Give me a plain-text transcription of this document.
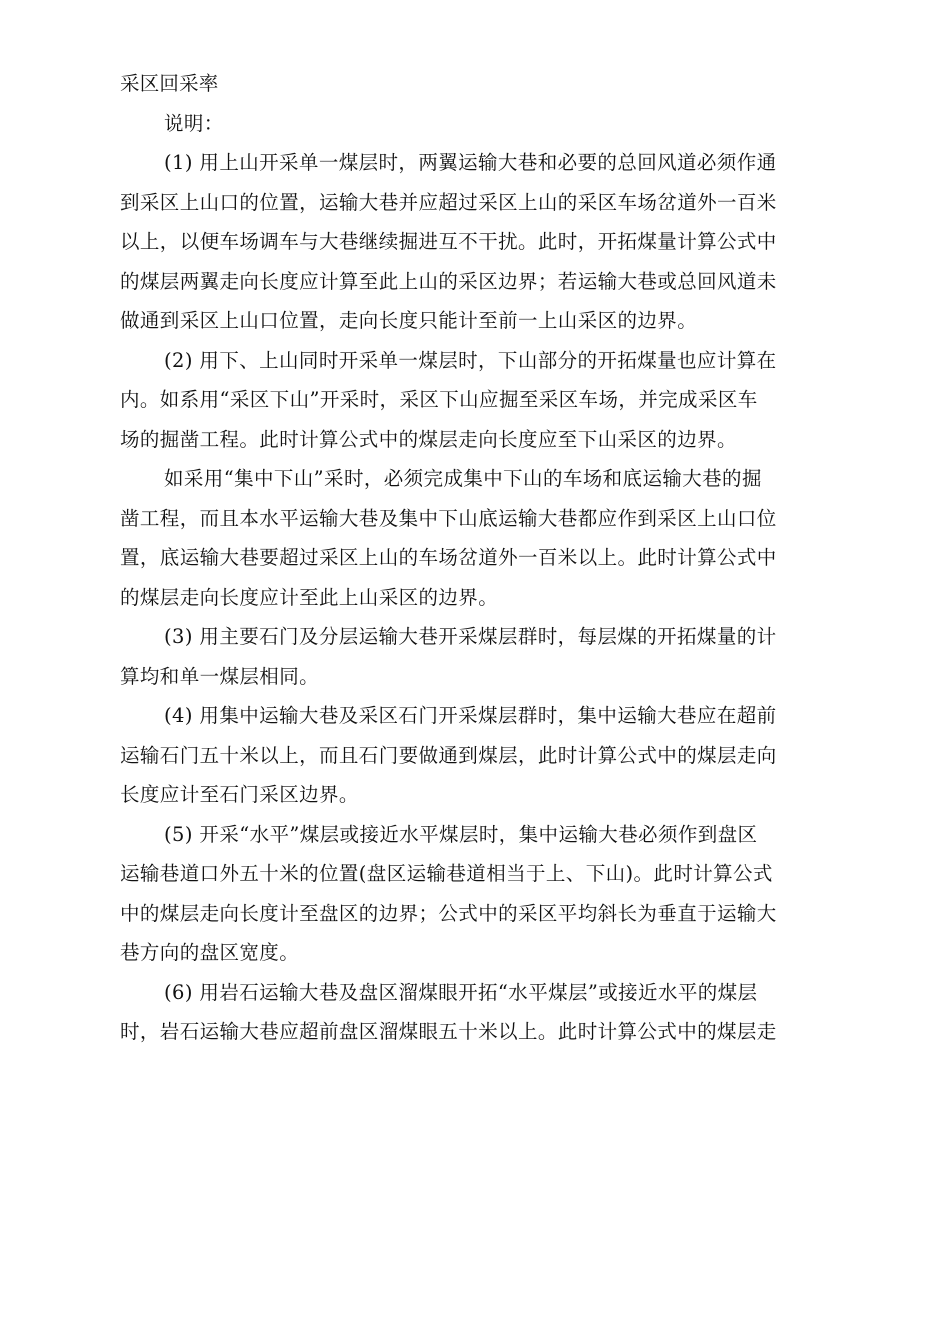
采区回采率
说明：
(1) 用上山开采单一煤层时，两翼运输大巷和必要的总回风道必须作通
到采区上山口的位置，运输大巷并应超过采区上山的采区车场岔道外一百米
以上，以便车场调车与大巷继续掘进互不干扰。此时，开拓煤量计算公式中
的煤层两翼走向长度应计算至此上山的采区边界；若运输大巷或总回风道未
做通到采区上山口位置，走向长度只能计至前一上山采区的边界。
(2) 用下、上山同时开采单一煤层时，下山部分的开拓煤量也应计算在
内。如系用“采区下山”开采时，采区下山应掘至采区车场，并完成采区车
场的掘凿工程。此时计算公式中的煤层走向长度应至下山采区的边界。
如采用“集中下山”采时，必须完成集中下山的车场和底运输大巷的掘
凿工程，而且本水平运输大巷及集中下山底运输大巷都应作到采区上山口位
置，底运输大巷要超过采区上山的车场岔道外一百米以上。此时计算公式中
的煤层走向长度应计至此上山采区的边界。
(3) 用主要石门及分层运输大巷开采煤层群时，每层煤的开拓煤量的计
算均和单一煤层相同。
(4) 用集中运输大巷及采区石门开采煤层群时，集中运输大巷应在超前
运输石门五十米以上，而且石门要做通到煤层，此时计算公式中的煤层走向
长度应计至石门采区边界。
(5) 开采“水平”煤层或接近水平煤层时，集中运输大巷必须作到盘区
运输巷道口外五十米的位置(盘区运输巷道相当于上、下山)。此时计算公式
中的煤层走向长度计至盘区的边界；公式中的采区平均斜长为垂直于运输大
巷方向的盘区宽度。
(6) 用岩石运输大巷及盘区溜煤眼开拓“水平煤层”或接近水平的煤层
时，岩石运输大巷应超前盘区溜煤眼五十米以上。此时计算公式中的煤层走
